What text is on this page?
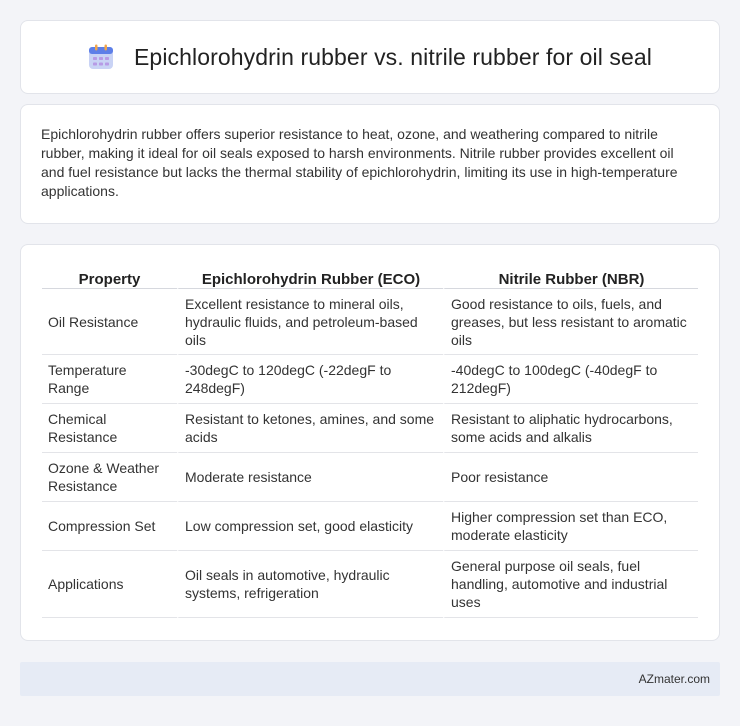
Epichlorohydrin rubber vs. nitrile rubber for oil seal

Epichlorohydrin rubber offers superior resistance to heat, ozone, and weathering compared to nitrile rubber, making it ideal for oil seals exposed to harsh environments. Nitrile rubber provides excellent oil and fuel resistance but lacks the thermal stability of epichlorohydrin, limiting its use in high-temperature applications.

Property	Epichlorohydrin Rubber (ECO)	Nitrile Rubber (NBR)
Oil Resistance	Excellent resistance to mineral oils, hydraulic fluids, and petroleum-based oils	Good resistance to oils, fuels, and greases, but less resistant to aromatic oils
Temperature Range	-30degC to 120degC (-22degF to 248degF)	-40degC to 100degC (-40degF to 212degF)
Chemical Resistance	Resistant to ketones, amines, and some acids	Resistant to aliphatic hydrocarbons, some acids and alkalis
Ozone & Weather Resistance	Moderate resistance	Poor resistance
Compression Set	Low compression set, good elasticity	Higher compression set than ECO, moderate elasticity
Applications	Oil seals in automotive, hydraulic systems, refrigeration	General purpose oil seals, fuel handling, automotive and industrial uses
AZmater.com
